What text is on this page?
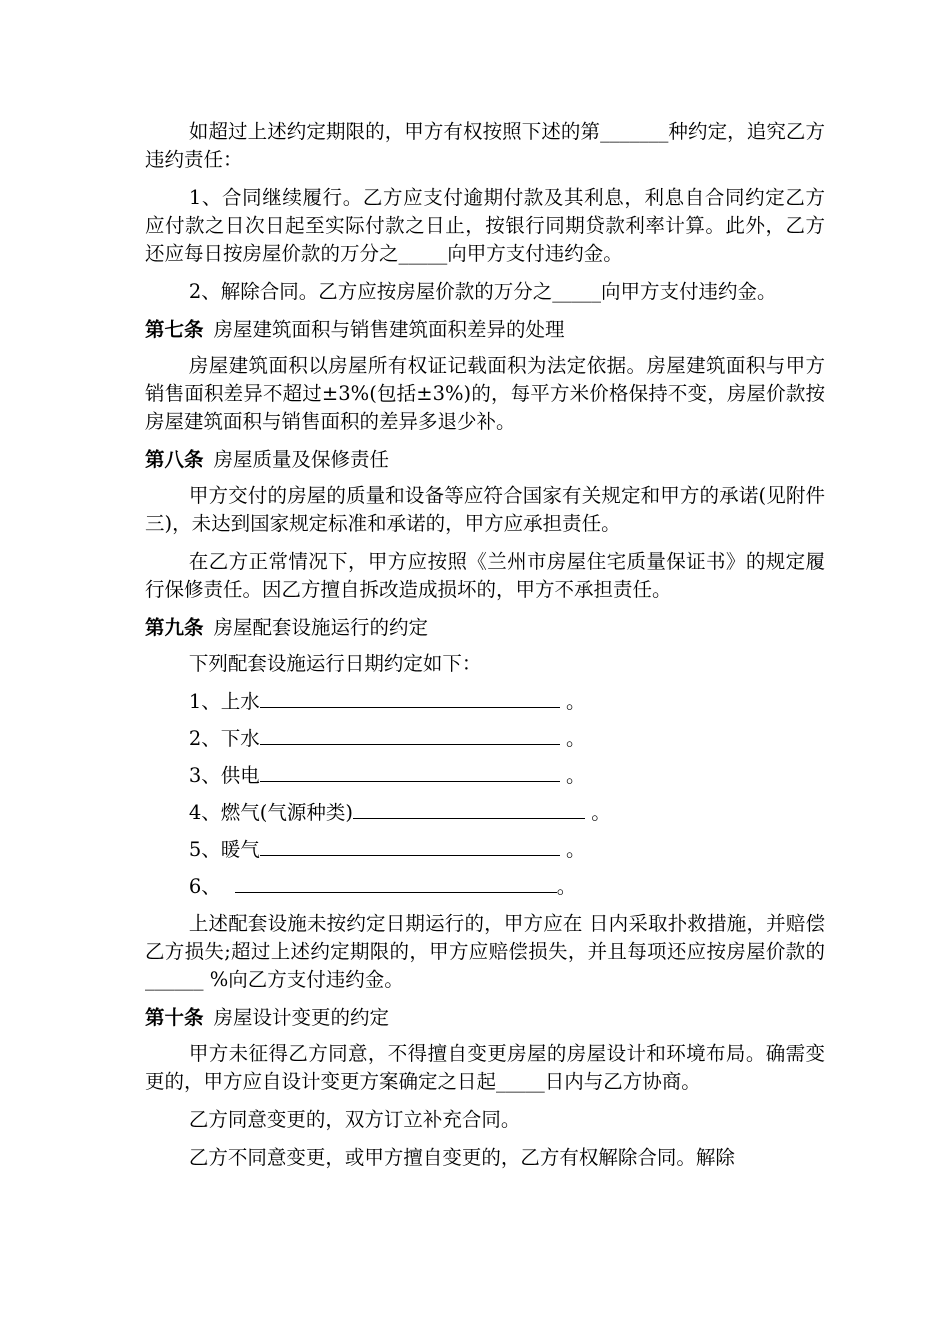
如超过上述约定期限的，甲方有权按照下述的第_______种约定，追究乙方违约责任：

1、合同继续履行。乙方应支付逾期付款及其利息，利息自合同约定乙方应付款之日次日起至实际付款之日止，按银行同期贷款利率计算。此外，乙方还应每日按房屋价款的万分之_____向甲方支付违约金。

2、解除合同。乙方应按房屋价款的万分之_____向甲方支付违约金。

第七条 房屋建筑面积与销售建筑面积差异的处理

房屋建筑面积以房屋所有权证记载面积为法定依据。房屋建筑面积与甲方销售面积差异不超过±3%(包括±3%)的，每平方米价格保持不变，房屋价款按房屋建筑面积与销售面积的差异多退少补。

第八条 房屋质量及保修责任

甲方交付的房屋的质量和设备等应符合国家有关规定和甲方的承诺(见附件三)，未达到国家规定标准和承诺的，甲方应承担责任。

在乙方正常情况下，甲方应按照《兰州市房屋住宅质量保证书》的规定履行保修责任。因乙方擅自拆改造成损坏的，甲方不承担责任。

第九条 房屋配套设施运行的约定

下列配套设施运行日期约定如下：

1、上水	。
2、下水	。
3、供电	。
4、燃气(气源种类)	。
5、暖气	。
6、	。

上述配套设施未按约定日期运行的，甲方应在 日内采取扑救措施，并赔偿乙方损失;超过上述约定期限的，甲方应赔偿损失，并且每项还应按房屋价款的______ %向乙方支付违约金。

第十条 房屋设计变更的约定

甲方未征得乙方同意，不得擅自变更房屋的房屋设计和环境布局。确需变更的，甲方应自设计变更方案确定之日起_____日内与乙方协商。

乙方同意变更的，双方订立补充合同。

乙方不同意变更，或甲方擅自变更的，乙方有权解除合同。解除
